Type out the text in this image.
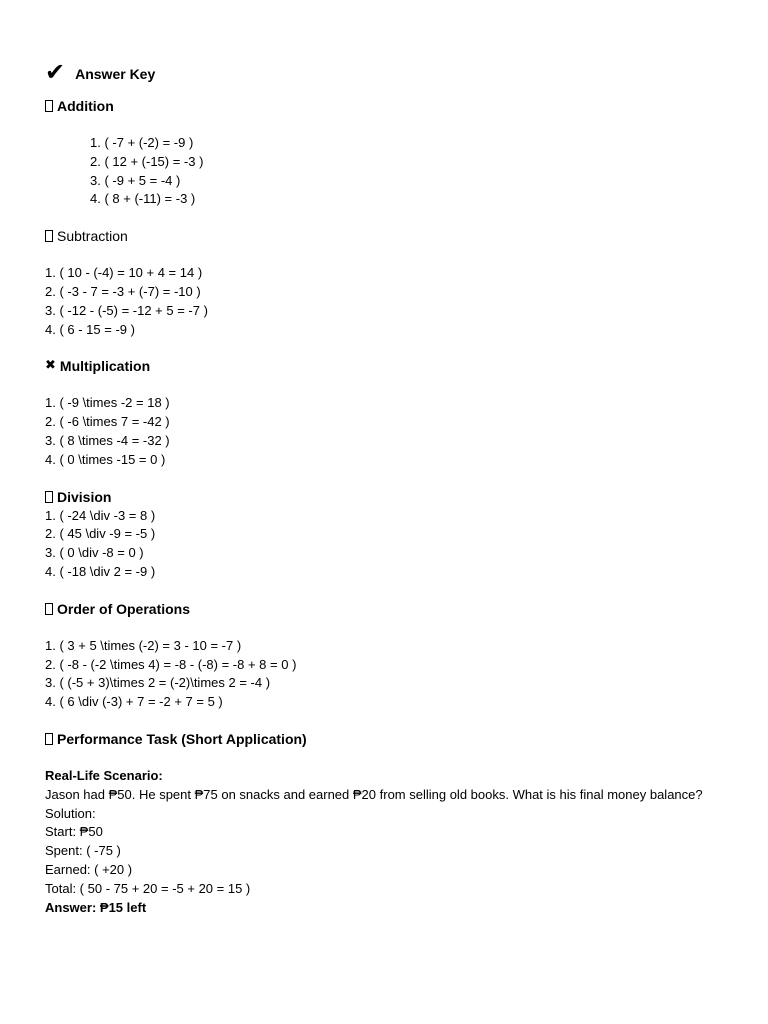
✔ Answer Key
Addition
1. ( -7 + (-2) = -9 )
2. ( 12 + (-15) = -3 )
3. ( -9 + 5 = -4 )
4. ( 8 + (-11) = -3 )
Subtraction
1. ( 10 - (-4) = 10 + 4 = 14 )
2. ( -3 - 7 = -3 + (-7) = -10 )
3. ( -12 - (-5) = -12 + 5 = -7 )
4. ( 6 - 15 = -9 )
✖ Multiplication
1. ( -9 \times -2 = 18 )
2. ( -6 \times 7 = -42 )
3. ( 8 \times -4 = -32 )
4. ( 0 \times -15 = 0 )
Division
1. ( -24 \div -3 = 8 )
2. ( 45 \div -9 = -5 )
3. ( 0 \div -8 = 0 )
4. ( -18 \div 2 = -9 )
Order of Operations
1. ( 3 + 5 \times (-2) = 3 - 10 = -7 )
2. ( -8 - (-2 \times 4) = -8 - (-8) = -8 + 8 = 0 )
3. ( (-5 + 3)\times 2 = (-2)\times 2 = -4 )
4. ( 6 \div (-3) + 7 = -2 + 7 = 5 )
Performance Task (Short Application)
Real-Life Scenario:
Jason had ₱50. He spent ₱75 on snacks and earned ₱20 from selling old books. What is his final money balance?
Solution:
Start: ₱50
Spent: ( -75 )
Earned: ( +20 )
Total: ( 50 - 75 + 20 = -5 + 20 = 15 )
Answer: ₱15 left
